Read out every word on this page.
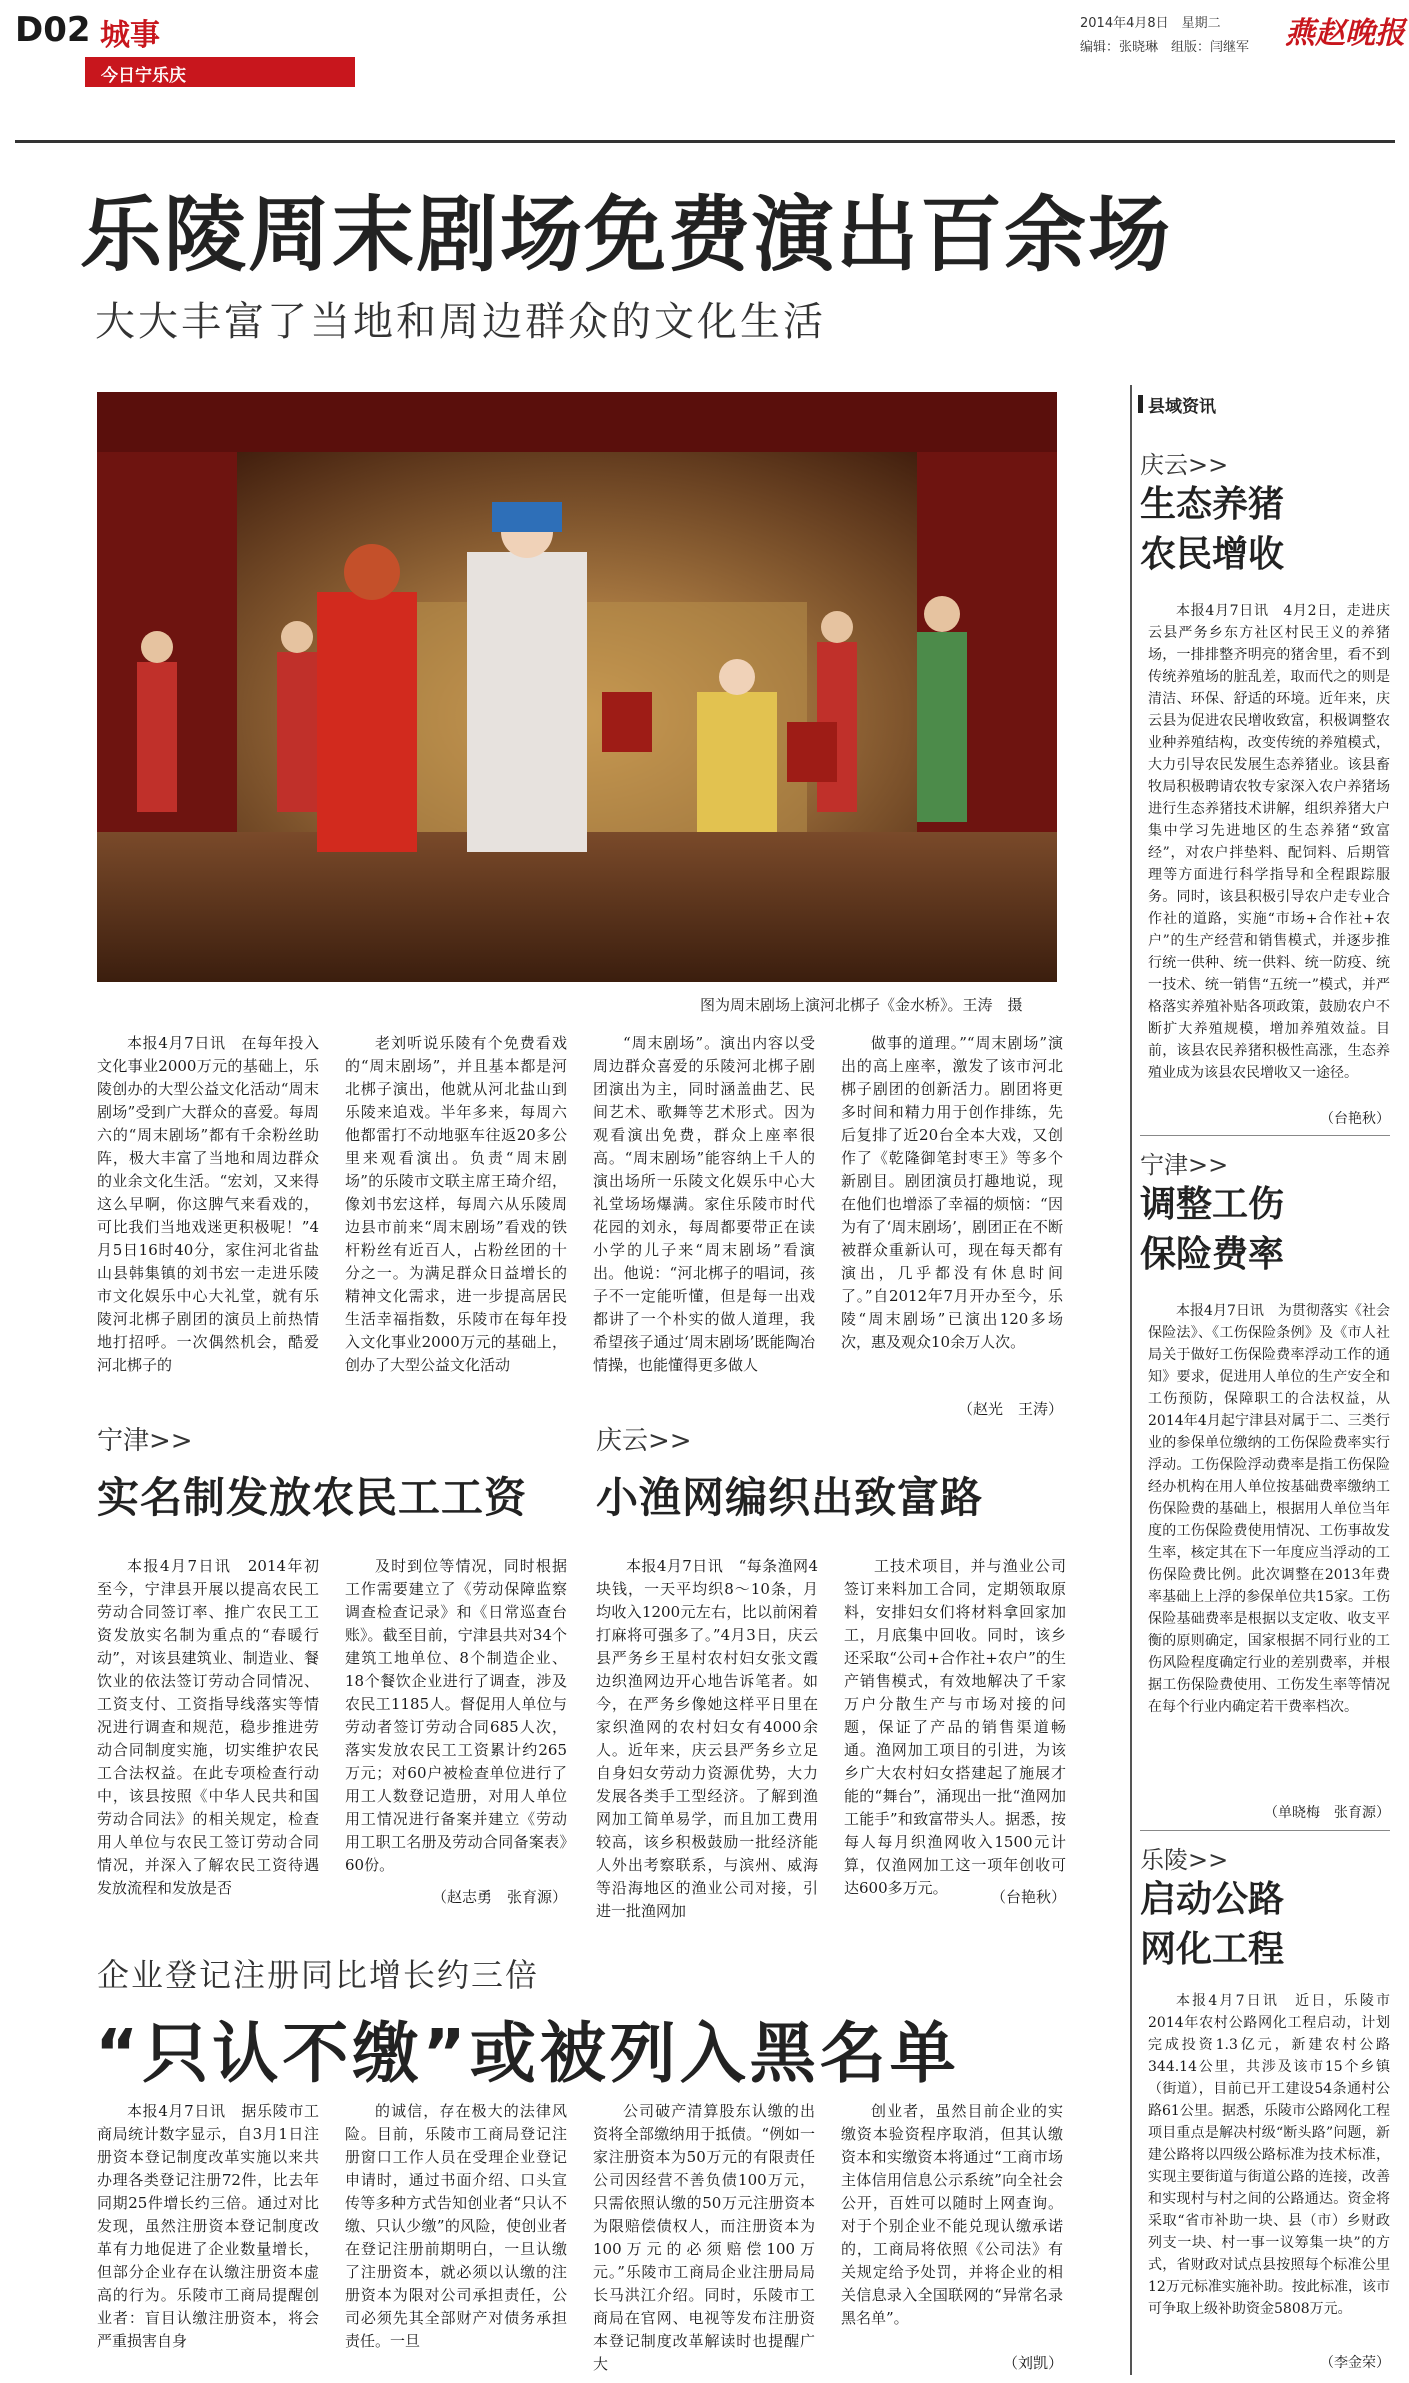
D02 城事
今日宁乐庆
2014年4月8日　星期二
编辑：张晓琳　组版：闫继军 燕赵晚报
乐陵周末剧场免费演出百余场
大大丰富了当地和周边群众的文化生活
图为周末剧场上演河北梆子《金水桥》。王涛　摄

本报4月7日讯　在每年投入文化事业2000万元的基础上，乐陵创办的大型公益文化活动“周末剧场”受到广大群众的喜爱。每周六的“周末剧场”都有千余粉丝助阵，极大丰富了当地和周边群众的业余文化生活。“宏刘，又来得这么早啊，你这脾气来看戏的，可比我们当地戏迷更积极呢！”4月5日16时40分，家住河北省盐山县韩集镇的刘书宏一走进乐陵市文化娱乐中心大礼堂，就有乐陵河北梆子剧团的演员上前热情地打招呼。一次偶然机会，酷爱河北梆子的

老刘听说乐陵有个免费看戏的“周末剧场”，并且基本都是河北梆子演出，他就从河北盐山到乐陵来追戏。半年多来，每周六他都雷打不动地驱车往返20多公里来观看演出。负责“周末剧场”的乐陵市文联主席王琦介绍，像刘书宏这样，每周六从乐陵周边县市前来“周末剧场”看戏的铁杆粉丝有近百人，占粉丝团的十分之一。为满足群众日益增长的精神文化需求，进一步提高居民生活幸福指数，乐陵市在每年投入文化事业2000万元的基础上，创办了大型公益文化活动

“周末剧场”。演出内容以受周边群众喜爱的乐陵河北梆子剧团演出为主，同时涵盖曲艺、民间艺术、歌舞等艺术形式。因为观看演出免费，群众上座率很高。“周末剧场”能容纳上千人的演出场所一乐陵文化娱乐中心大礼堂场场爆满。家住乐陵市时代花园的刘永，每周都要带正在读小学的儿子来“周末剧场”看演出。他说：“河北梆子的唱词，孩子不一定能听懂，但是每一出戏都讲了一个朴实的做人道理，我希望孩子通过‘周末剧场’既能陶冶情操，也能懂得更多做人

做事的道理。”“周末剧场”演出的高上座率，激发了该市河北梆子剧团的创新活力。剧团将更多时间和精力用于创作排练，先后复排了近20台全本大戏，又创作了《乾隆御笔封枣王》等多个新剧目。剧团演员打趣地说，现在他们也增添了幸福的烦恼：“因为有了‘周末剧场’，剧团正在不断被群众重新认可，现在每天都有演出，几乎都没有休息时间了。”自2012年7月开办至今，乐陵“周末剧场”已演出120多场次，惠及观众10余万人次。

（赵光　王涛）
宁津>>
实名制发放农民工工资

本报4月7日讯　2014年初至今，宁津县开展以提高农民工劳动合同签订率、推广农民工工资发放实名制为重点的“春暖行动”，对该县建筑业、制造业、餐饮业的依法签订劳动合同情况、工资支付、工资指导线落实等情况进行调查和规范，稳步推进劳动合同制度实施，切实维护农民工合法权益。在此专项检查行动中，该县按照《中华人民共和国劳动合同法》的相关规定，检查用人单位与农民工签订劳动合同情况，并深入了解农民工资待遇发放流程和发放是否

及时到位等情况，同时根据工作需要建立了《劳动保障监察调查检查记录》和《日常巡查台账》。截至目前，宁津县共对34个建筑工地单位、8个制造企业、18个餐饮企业进行了调查，涉及农民工1185人。督促用人单位与劳动者签订劳动合同685人次，落实发放农民工工资累计约265万元；对60户被检查单位进行了用工人数登记造册，对用人单位用工情况进行备案并建立《劳动用工职工名册及劳动合同备案表》60份。

（赵志勇　张育源）
庆云>>
小渔网编织出致富路

本报4月7日讯　“每条渔网4块钱，一天平均织8～10条，月均收入1200元左右，比以前闲着打麻将可强多了。”4月3日，庆云县严务乡王星村农村妇女张文霞边织渔网边开心地告诉笔者。如今，在严务乡像她这样平日里在家织渔网的农村妇女有4000余人。近年来，庆云县严务乡立足自身妇女劳动力资源优势，大力发展各类手工型经济。了解到渔网加工简单易学，而且加工费用较高，该乡积极鼓励一批经济能人外出考察联系，与滨州、威海等沿海地区的渔业公司对接，引进一批渔网加

工技术项目，并与渔业公司签订来料加工合同，定期领取原料，安排妇女们将材料拿回家加工，月底集中回收。同时，该乡还采取“公司+合作社+农户”的生产销售模式，有效地解决了千家万户分散生产与市场对接的问题，保证了产品的销售渠道畅通。渔网加工项目的引进，为该乡广大农村妇女搭建起了施展才能的“舞台”，涌现出一批“渔网加工能手”和致富带头人。据悉，按每人每月织渔网收入1500元计算，仅渔网加工这一项年创收可达600多万元。	（台艳秋）
企业登记注册同比增长约三倍
“只认不缴”或被列入黑名单

本报4月7日讯　据乐陵市工商局统计数字显示，自3月1日注册资本登记制度改革实施以来共办理各类登记注册72件，比去年同期25件增长约三倍。通过对比发现，虽然注册资本登记制度改革有力地促进了企业数量增长，但部分企业存在认缴注册资本虚高的行为。乐陵市工商局提醒创业者：盲目认缴注册资本，将会严重损害自身

的诚信，存在极大的法律风险。目前，乐陵市工商局登记注册窗口工作人员在受理企业登记申请时，通过书面介绍、口头宣传等多种方式告知创业者“只认不缴、只认少缴”的风险，使创业者在登记注册前期明白，一旦认缴了注册资本，就必须以认缴的注册资本为限对公司承担责任，公司必须先其全部财产对债务承担责任。一旦

公司破产清算股东认缴的出资将全部缴纳用于抵债。“例如一家注册资本为50万元的有限责任公司因经营不善负债100万元，只需依照认缴的50万元注册资本为限赔偿债权人，而注册资本为100万元的必须赔偿100万元。”乐陵市工商局企业注册局局长马洪江介绍。同时，乐陵市工商局在官网、电视等发布注册资本登记制度改革解读时也提醒广大

创业者，虽然目前企业的实缴资本验资程序取消，但其认缴资本和实缴资本将通过“工商市场主体信用信息公示系统”向全社会公开，百姓可以随时上网查询。对于个别企业不能兑现认缴承诺的，工商局将依照《公司法》有关规定给予处罚，并将企业的相关信息录入全国联网的“异常名录黑名单”。

（刘凯）
县域资讯
庆云>>
生态养猪
农民增收

本报4月7日讯　4月2日，走进庆云县严务乡东方社区村民王义的养猪场，一排排整齐明亮的猪舍里，看不到传统养殖场的脏乱差，取而代之的则是清洁、环保、舒适的环境。近年来，庆云县为促进农民增收致富，积极调整农业种养殖结构，改变传统的养殖模式，大力引导农民发展生态养猪业。该县畜牧局积极聘请农牧专家深入农户养猪场进行生态养猪技术讲解，组织养猪大户集中学习先进地区的生态养猪“致富经”，对农户拌垫料、配饲料、后期管理等方面进行科学指导和全程跟踪服务。同时，该县积极引导农户走专业合作社的道路，实施“市场+合作社+农户”的生产经营和销售模式，并逐步推行统一供种、统一供料、统一防疫、统一技术、统一销售“五统一”模式，并严格落实养殖补贴各项政策，鼓励农户不断扩大养殖规模，增加养殖效益。目前，该县农民养猪积极性高涨，生态养殖业成为该县农民增收又一途径。

（台艳秋）
宁津>>
调整工伤
保险费率

本报4月7日讯　为贯彻落实《社会保险法》、《工伤保险条例》及《市人社局关于做好工伤保险费率浮动工作的通知》要求，促进用人单位的生产安全和工伤预防，保障职工的合法权益，从2014年4月起宁津县对属于二、三类行业的参保单位缴纳的工伤保险费率实行浮动。工伤保险浮动费率是指工伤保险经办机构在用人单位按基础费率缴纳工伤保险费的基础上，根据用人单位当年度的工伤保险费使用情况、工伤事故发生率，核定其在下一年度应当浮动的工伤保险费比例。此次调整在2013年费率基础上上浮的参保单位共15家。工伤保险基础费率是根据以支定收、收支平衡的原则确定，国家根据不同行业的工伤风险程度确定行业的差别费率，并根据工伤保险费使用、工伤发生率等情况在每个行业内确定若干费率档次。

（单晓梅　张育源）
乐陵>>
启动公路
网化工程

本报4月7日讯　近日，乐陵市2014年农村公路网化工程启动，计划完成投资1.3亿元，新建农村公路344.14公里，共涉及该市15个乡镇（街道），目前已开工建设54条通村公路61公里。据悉，乐陵市公路网化工程项目重点是解决村级“断头路”问题，新建公路将以四级公路标准为技术标准，实现主要街道与街道公路的连接，改善和实现村与村之间的公路通达。资金将采取“省市补助一块、县（市）乡财政列支一块、村一事一议筹集一块”的方式，省财政对试点县按照每个标准公里12万元标准实施补助。按此标准，该市可争取上级补助资金5808万元。

（李金荣）
